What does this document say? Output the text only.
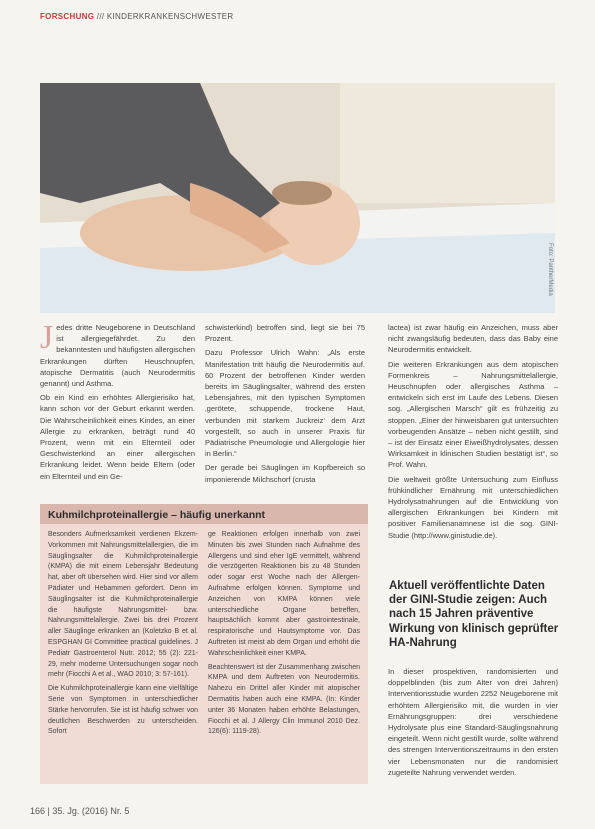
FORSCHUNG /// KINDERKRANKENSCHWESTER
Foto: PantherMedia

Jedes dritte Neugeborene in Deutschland ist allergiegefährdet. Zu den bekanntesten und häufigsten allergischen Erkrankungen dürften Heuschnupfen, atopische Dermatitis (auch Neurodermitis genannt) und Asthma.

Ob ein Kind ein erhöhtes Allergierisiko hat, kann schon vor der Geburt erkannt werden. Die Wahrscheinlichkeit eines Kindes, an einer Allergie zu erkranken, beträgt rund 40 Prozent, wenn mit ein Elternteil oder Geschwisterkind an einer allergischen Erkrankung leidet. Wenn beide Eltern (oder ein Elternteil und ein Ge-

schwisterkind) betroffen sind, liegt sie bei 75 Prozent.

Dazu Professor Ulrich Wahn: „Als erste Manifestation tritt häufig die Neurodermitis auf. 60 Prozent der betroffenen Kinder werden bereits im Säuglingsalter, während des ersten Lebensjahres, mit den typischen Symptomen ‚gerötete, schuppende, trockene Haut, verbunden mit starkem Juckreiz‘ dem Arzt vorgestellt, so auch in unserer Praxis für Pädiatrische Pneumologie und Allergologie hier in Berlin.“

Der gerade bei Säuglingen im Kopfbereich so imponierende Milchschorf (crusta

lactea) ist zwar häufig ein Anzeichen, muss aber nicht zwangsläufig bedeuten, dass das Baby eine Neurodermitis entwickelt.

Die weiteren Erkrankungen aus dem atopischen Formenkreis – Nahrungsmittelallergie, Heuschnupfen oder allergisches Asthma – entwickeln sich erst im Laufe des Lebens. Diesen sog. „Allergischen Marsch“ gilt es frühzeitig zu stoppen. „Einer der hinweisbaren gut untersuchten vorbeugenden Ansätze – neben nicht gestillt, sind – ist der Einsatz einer Eiweißhydrolysates, dessen Wirksamkeit in klinischen Studien bestätigt ist“, so Prof. Wahn.

Die weltweit größte Untersuchung zum Einfluss frühkindlicher Ernährung mit unterschiedlichen Hydrolysatnahrungen auf die Entwicklung von allergischen Erkrankungen bei Kindern mit positiver Familienanamnese ist die sog. GINI-Studie (http://www.ginistudie.de).

Kuhmilchproteinallergie – häufig unerkannt

Besonders Aufmerksamkeit verdienen Ekzem-Vorkommen mit Nahrungsmittelallergien, die im Säuglingsalter die Kuhmilchproteinallergie (KMPA) die mit einem Lebensjahr Bedeutung hat, aber oft übersehen wird. Hier sind vor allem Pädiater und Hebammen gefordert. Denn im Säuglingsalter ist die Kuhmilchproteinallergie die häufigste Nahrungsmittel- bzw. Nahrungsmittelallergie. Zwei bis drei Prozent aller Säuglinge erkranken an (Koletzko B et al. ESPGHAN GI Committee practical guidelines. J Pediatr Gastroenterol Nutr. 2012; 55 (2): 221-29, mehr moderne Untersuchungen sogar noch mehr (Fiocchi A et al., WAO 2010; 3: 57-161).

Die Kuhmilchproteinallergie kann eine vielfältige Serie von Symptomen in unterschiedlicher Stärke hervorrufen. Sie ist ist häufig schwer von deutlichen Beschwerden zu unterscheiden. Sofort

ge Reaktionen erfolgen innerhalb von zwei Minuten bis zwei Stunden nach Aufnahme des Allergens und sind eher IgE vermittelt, während die verzögerten Reaktionen bis zu 48 Stunden oder sogar erst Woche nach der Allergen-Aufnahme erfolgen können. Symptome und Anzeichen von KMPA können viele unterschiedliche Organe betreffen, hauptsächlich kommt aber gastrointestinale, respiratorische und Hautsymptome vor. Das Auftreten ist meist ab dem Organ und erhöht die Wahrscheinlichkeit einer KMPA.

Beachtenswert ist der Zusammenhang zwischen KMPA und dem Auftreten von Neurodermitis. Nahezu ein Drittel aller Kinder mit atopischer Dermatitis haben auch eine KMPA. (In: Kinder unter 36 Monaten haben erhöhte Belastungen, Fiocchi et al. J Allergy Clin Immunol 2010 Dez. 126(6): 1119-28).

Aktuell veröffentlichte Daten der GINI-Studie zeigen: Auch nach 15 Jahren präventive Wirkung von klinisch geprüfter HA-Nahrung

In dieser prospektiven, randomisierten und doppelblinden (bis zum Alter von drei Jahren) Interventionsstudie wurden 2252 Neugeborene mit erhöhtem Allergierisiko mit, die wurden in vier Ernährungsgruppen: drei verschiedene Hydrolysate plus eine Standard-Säuglingsnahrung eingeteilt. Wenn nicht gestillt wurde, sollte während des strengen Interventionszeitraums in den ersten vier Lebensmonaten nur die randomisiert zugeteilte Nahrung verwendet werden.

166 | 35. Jg. (2016) Nr. 5
